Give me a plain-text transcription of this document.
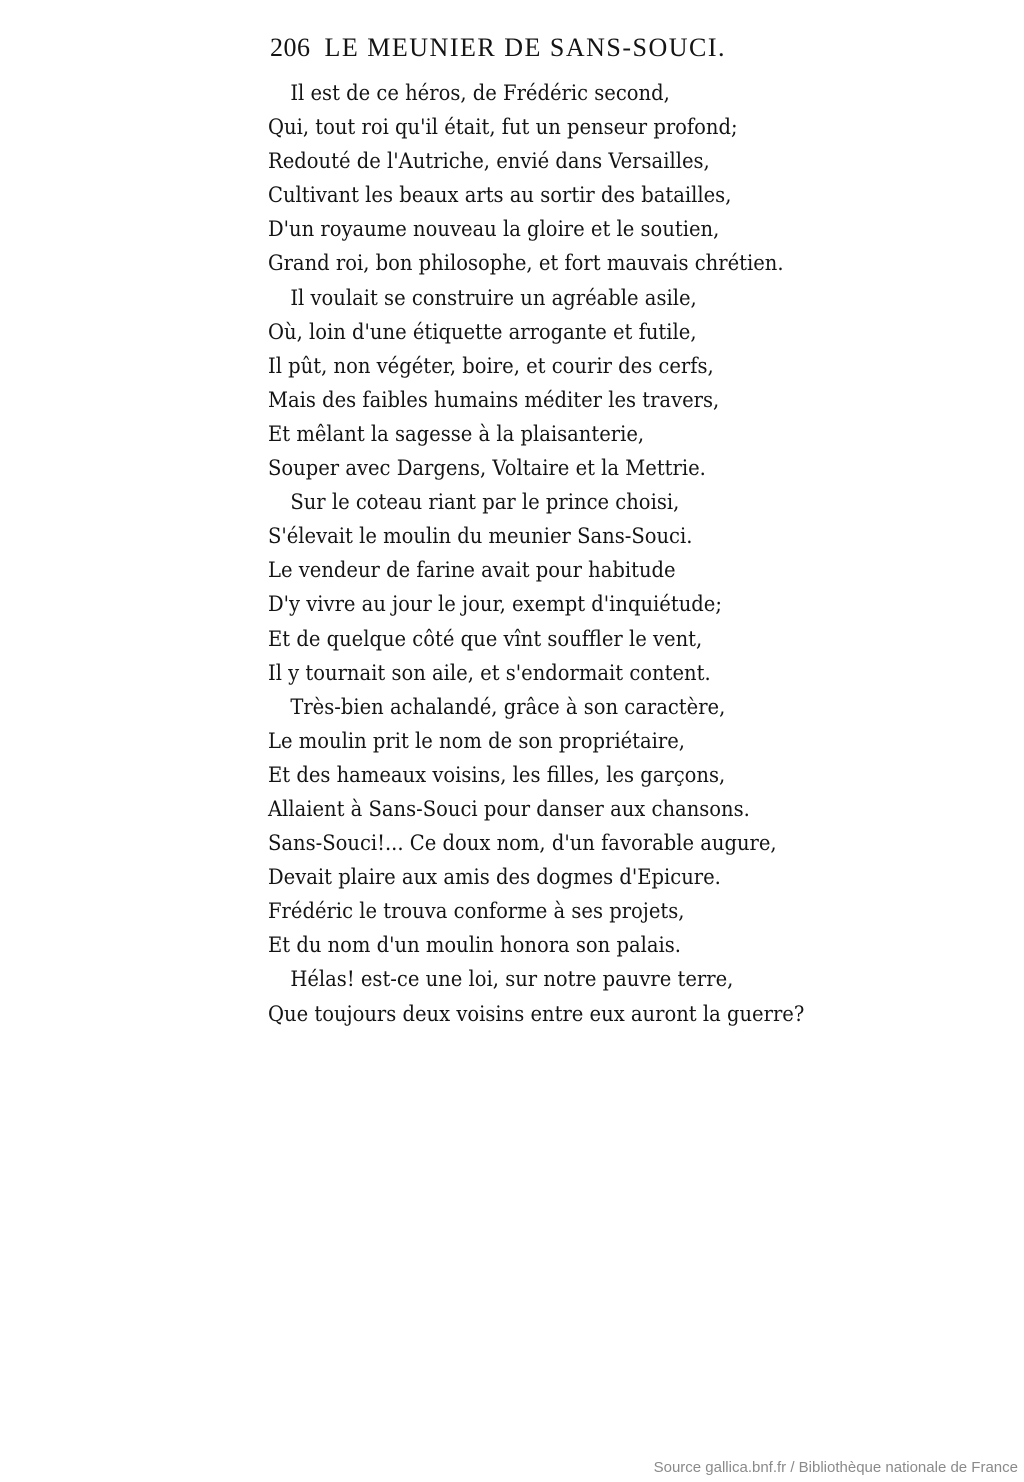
206 LE MEUNIER DE SANS-SOUCI.
Il est de ce héros, de Frédéric second,
Qui, tout roi qu'il était, fut un penseur profond;
Redouté de l'Autriche, envié dans Versailles,
Cultivant les beaux arts au sortir des batailles,
D'un royaume nouveau la gloire et le soutien,
Grand roi, bon philosophe, et fort mauvais chrétien.
Il voulait se construire un agréable asile,
Où, loin d'une étiquette arrogante et futile,
Il pût, non végéter, boire, et courir des cerfs,
Mais des faibles humains méditer les travers,
Et mêlant la sagesse à la plaisanterie,
Souper avec Dargens, Voltaire et la Mettrie.
Sur le coteau riant par le prince choisi,
S'élevait le moulin du meunier Sans-Souci.
Le vendeur de farine avait pour habitude
D'y vivre au jour le jour, exempt d'inquiétude;
Et de quelque côté que vînt souffler le vent,
Il y tournait son aile, et s'endormait content.
Très-bien achalandé, grâce à son caractère,
Le moulin prit le nom de son propriétaire,
Et des hameaux voisins, les filles, les garçons,
Allaient à Sans-Souci pour danser aux chansons.
Sans-Souci!... Ce doux nom, d'un favorable augure,
Devait plaire aux amis des dogmes d'Epicure.
Frédéric le trouva conforme à ses projets,
Et du nom d'un moulin honora son palais.
Hélas! est-ce une loi, sur notre pauvre terre,
Que toujours deux voisins entre eux auront la guerre?
Source gallica.bnf.fr / Bibliothèque nationale de France
